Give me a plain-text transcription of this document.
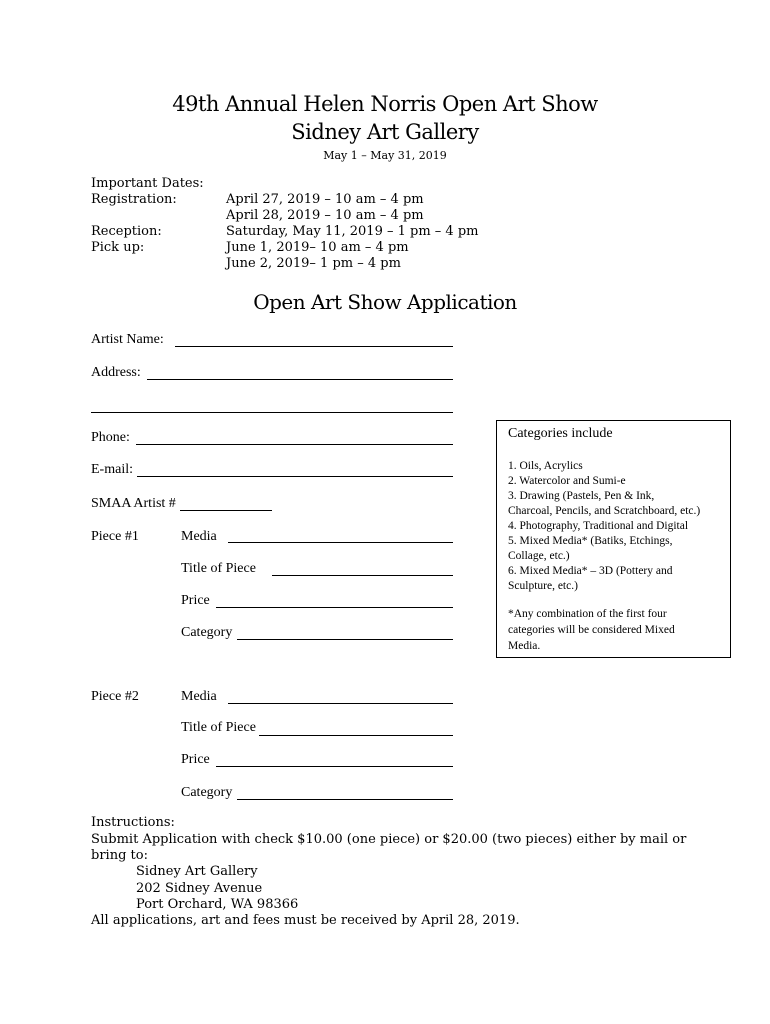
49th Annual Helen Norris Open Art Show
Sidney Art Gallery
May 1 – May 31, 2019
Important Dates:
Registration:	April 27, 2019 – 10 am – 4 pm
April 28, 2019 – 10 am – 4 pm
Reception:	Saturday, May 11, 2019 – 1 pm – 4 pm
Pick up:	June 1, 2019– 10 am – 4 pm
June 2, 2019– 1 pm – 4 pm
Open Art Show Application
Artist Name:
Address:
Phone:
E-mail:
SMAA Artist #
Piece #1	Media
Title of Piece
Price
Category
Piece #2	Media
Title of Piece
Price
Category
Categories include
1. Oils, Acrylics
2. Watercolor and Sumi-e
3. Drawing (Pastels, Pen & Ink,
Charcoal, Pencils, and Scratchboard, etc.)
4. Photography, Traditional and Digital
5. Mixed Media* (Batiks, Etchings,
Collage, etc.)
6. Mixed Media* – 3D (Pottery and
Sculpture, etc.)
*Any combination of the first four
categories will be considered Mixed
Media.
Instructions:
Submit Application with check $10.00 (one piece) or $20.00 (two pieces) either by mail or
bring to:
Sidney Art Gallery
202 Sidney Avenue
Port Orchard, WA 98366
All applications, art and fees must be received by April 28, 2019.
